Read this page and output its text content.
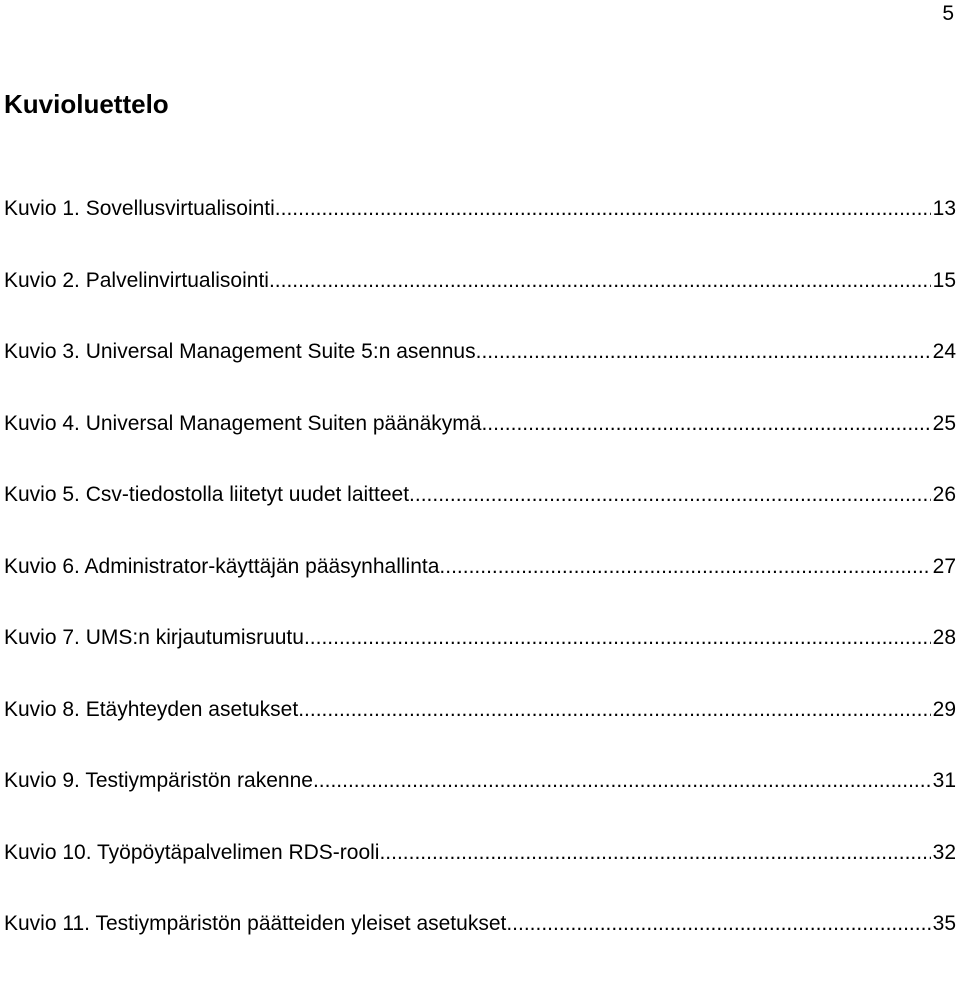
5
Kuvioluettelo
Kuvio 1. Sovellusvirtualisointi. .....	13
Kuvio 2. Palvelinvirtualisointi .....	15
Kuvio 3. Universal Management Suite 5:n asennus .....	24
Kuvio 4. Universal Management Suiten päänäkymä .....	25
Kuvio 5. Csv-tiedostolla liitetyt uudet laitteet .....	26
Kuvio 6. Administrator-käyttäjän pääsynhallinta .....	27
Kuvio 7. UMS:n kirjautumisruutu .....	28
Kuvio 8. Etäyhteyden asetukset .....	29
Kuvio 9. Testiympäristön rakenne .....	31
Kuvio 10. Työpöytäpalvelimen RDS-rooli .....	32
Kuvio 11. Testiympäristön päätteiden yleiset asetukset .....	35
